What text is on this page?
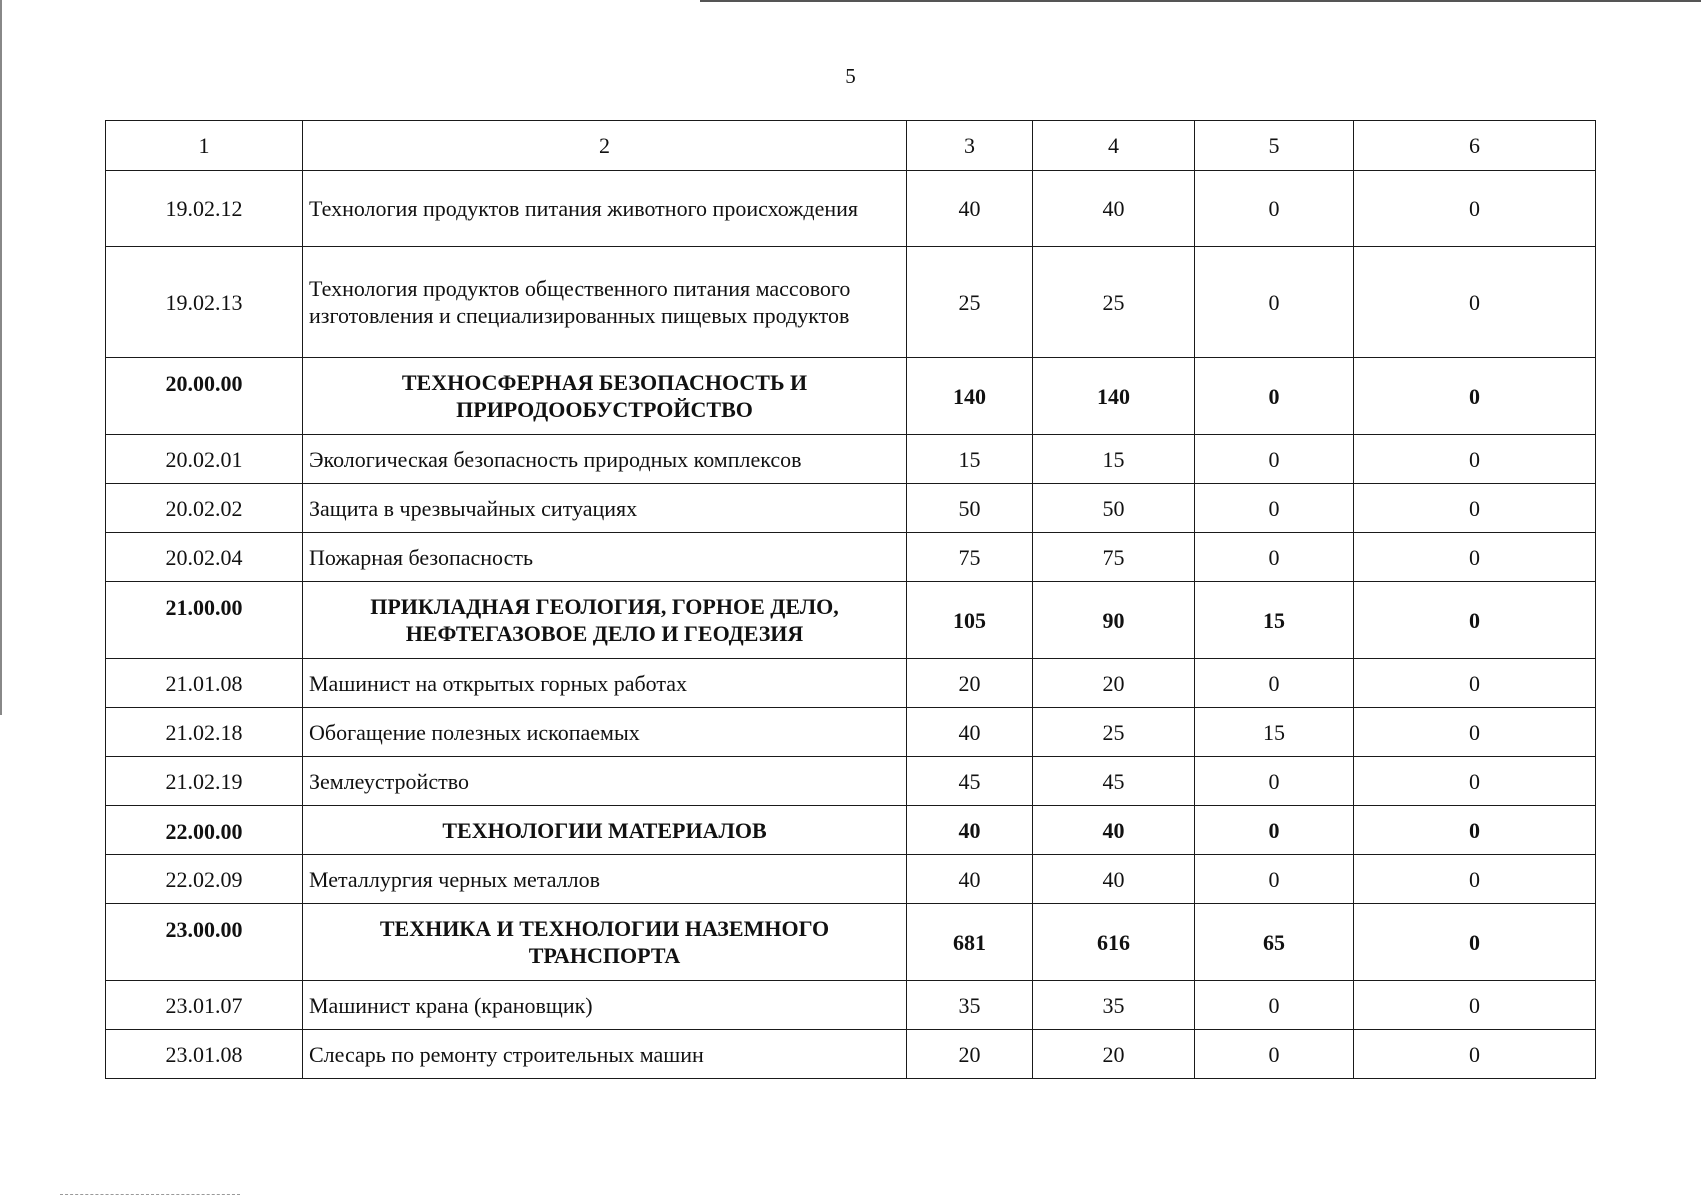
5
1	2	3	4	5	6
19.02.12	Технология продуктов питания животного происхождения	40	40	0	0
19.02.13	Технология продуктов общественного питания массового изготовления и специализированных пищевых продуктов	25	25	0	0
20.00.00	ТЕХНОСФЕРНАЯ БЕЗОПАСНОСТЬ И ПРИРОДООБУСТРОЙСТВО	140	140	0	0
20.02.01	Экологическая безопасность природных комплексов	15	15	0	0
20.02.02	Защита в чрезвычайных ситуациях	50	50	0	0
20.02.04	Пожарная безопасность	75	75	0	0
21.00.00	ПРИКЛАДНАЯ ГЕОЛОГИЯ, ГОРНОЕ ДЕЛО, НЕФТЕГАЗОВОЕ ДЕЛО И ГЕОДЕЗИЯ	105	90	15	0
21.01.08	Машинист на открытых горных работах	20	20	0	0
21.02.18	Обогащение полезных ископаемых	40	25	15	0
21.02.19	Землеустройство	45	45	0	0
22.00.00	ТЕХНОЛОГИИ МАТЕРИАЛОВ	40	40	0	0
22.02.09	Металлургия черных металлов	40	40	0	0
23.00.00	ТЕХНИКА И ТЕХНОЛОГИИ НАЗЕМНОГО ТРАНСПОРТА	681	616	65	0
23.01.07	Машинист крана (крановщик)	35	35	0	0
23.01.08	Слесарь по ремонту строительных машин	20	20	0	0
